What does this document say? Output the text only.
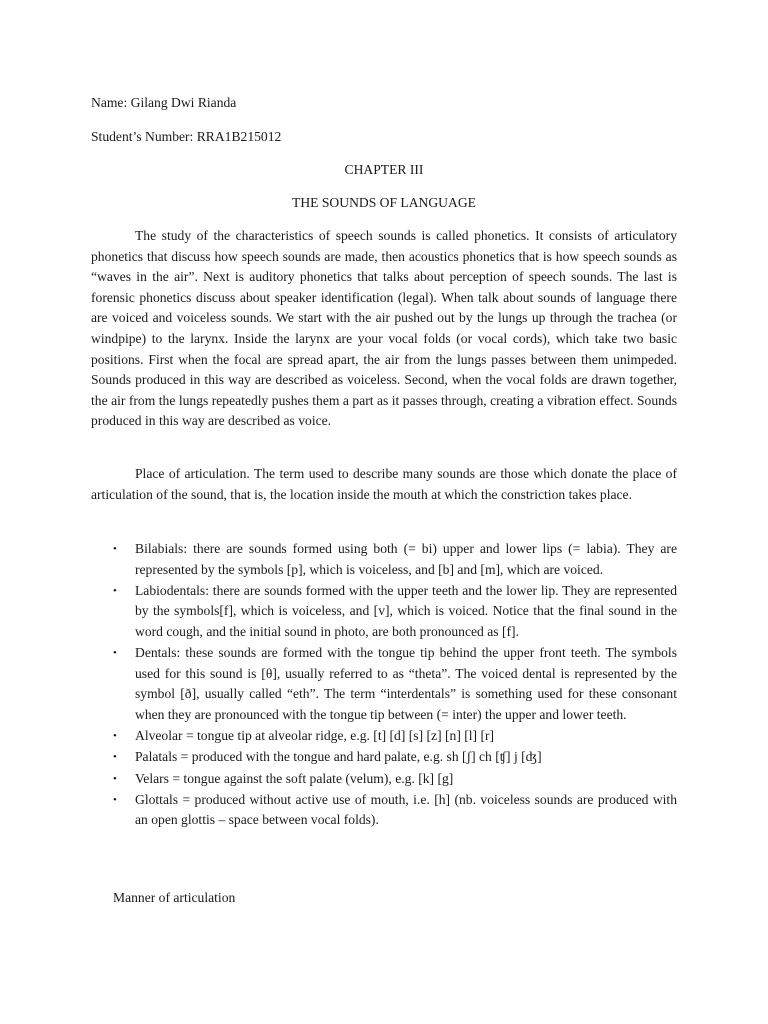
Name: Gilang Dwi Rianda

Student’s Number: RRA1B215012

CHAPTER III

THE SOUNDS OF LANGUAGE

The study of the characteristics of speech sounds is called phonetics. It consists of articulatory phonetics that discuss how speech sounds are made, then acoustics phonetics that is how speech sounds as “waves in the air”. Next is auditory phonetics that talks about perception of speech sounds. The last is forensic phonetics discuss about speaker identification (legal). When talk about sounds of language there are voiced and voiceless sounds. We start with the air pushed out by the lungs up through the trachea (or windpipe) to the larynx. Inside the larynx are your vocal folds (or vocal cords), which take two basic positions. First when the focal are spread apart, the air from the lungs passes between them unimpeded. Sounds produced in this way are described as voiceless. Second, when the vocal folds are drawn together, the air from the lungs repeatedly pushes them a part as it passes through, creating a vibration effect. Sounds produced in this way are described as voice.

Place of articulation. The term used to describe many sounds are those which donate the place of articulation of the sound, that is, the location inside the mouth at which the constriction takes place.

• Bilabials: there are sounds formed using both (= bi) upper and lower lips (= labia). They are represented by the symbols [p], which is voiceless, and [b] and [m], which are voiced.
• Labiodentals: there are sounds formed with the upper teeth and the lower lip. They are represented by the symbols[f], which is voiceless, and [v], which is voiced. Notice that the final sound in the word cough, and the initial sound in photo, are both pronounced as [f].
• Dentals: these sounds are formed with the tongue tip behind the upper front teeth. The symbols used for this sound is [θ], usually referred to as “theta”. The voiced dental is represented by the symbol [ð], usually called “eth”. The term “interdentals” is something used for these consonant when they are pronounced with the tongue tip between (= inter) the upper and lower teeth.
• Alveolar = tongue tip at alveolar ridge, e.g. [t] [d] [s] [z] [n] [l] [r]
• Palatals = produced with the tongue and hard palate, e.g. sh [ʃ] ch [ʧ] j [ʤ]
• Velars = tongue against the soft palate (velum), e.g. [k] [g]
• Glottals = produced without active use of mouth, i.e. [h] (nb. voiceless sounds are produced with an open glottis – space between vocal folds).

Manner of articulation
